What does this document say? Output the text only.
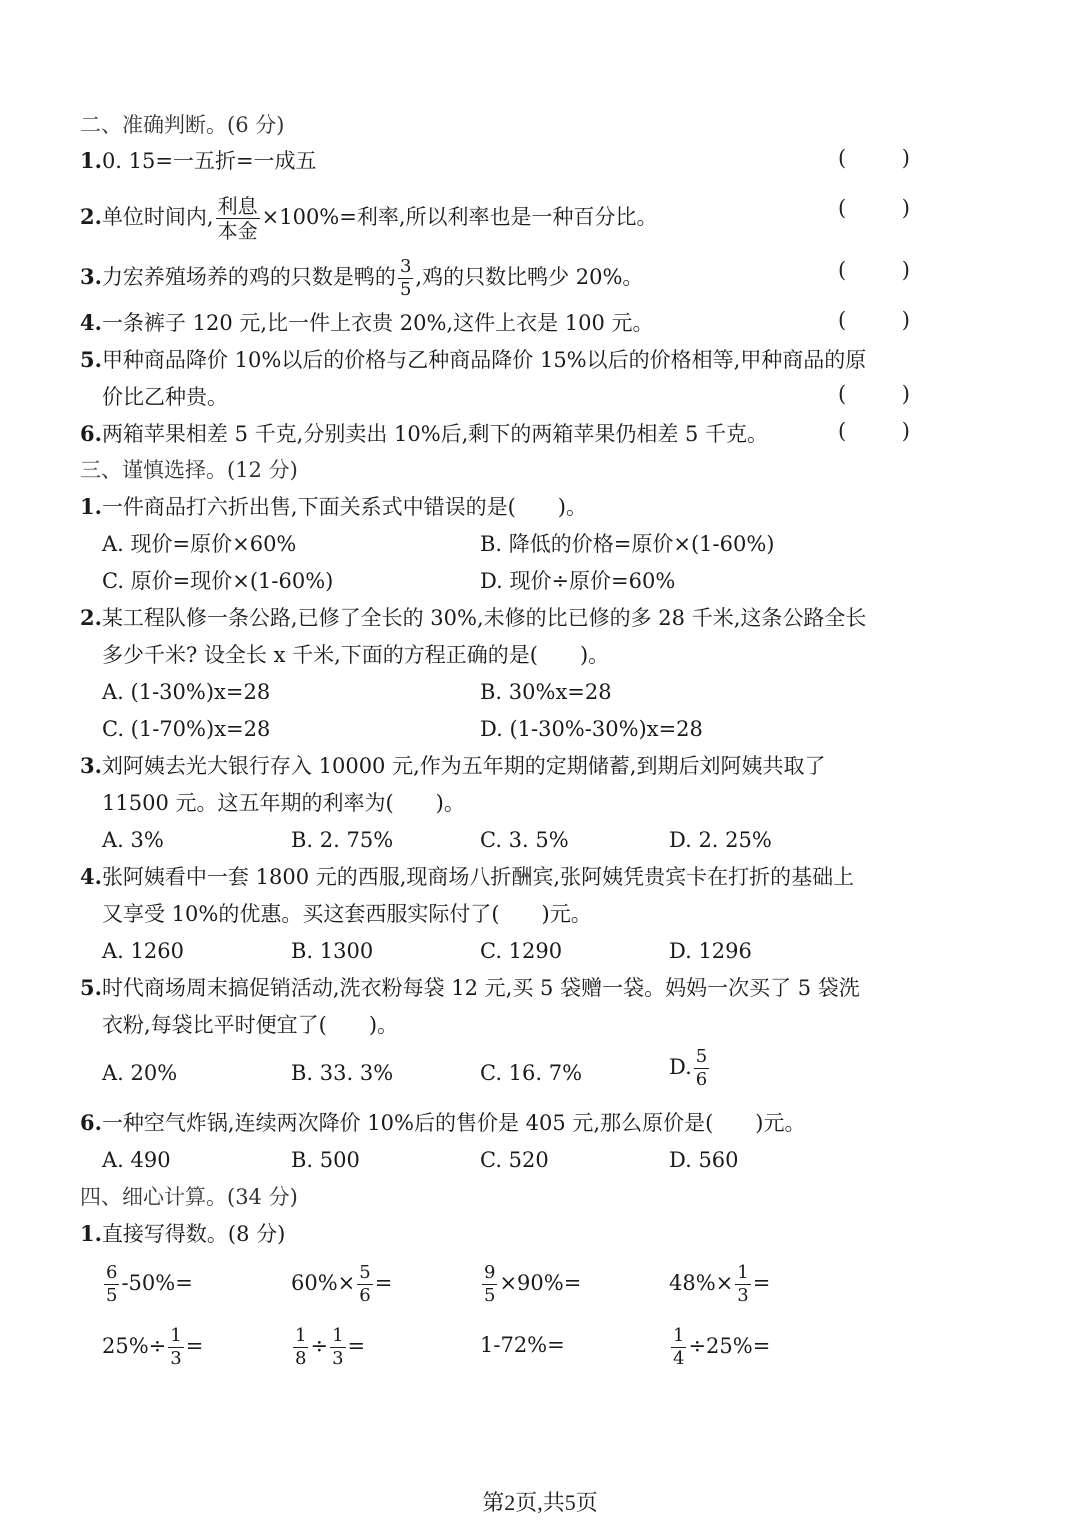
二、准确判断。(6 分)
1.0. 15=一五折=一成五	(	)
2.单位时间内, $\frac{\text{利息}}{\text{本金}} \times 100\%=$利率,所以利率也是一种百分比。	(	)
3.力宏养殖场养的鸡的只数是鸭的 $\frac{3}{5}$ ,鸡的只数比鸭少 20%。	(	)
4.一条裤子 120 元,比一件上衣贵 20%,这件上衣是 100 元。	(	)
5.甲种商品降价 10%以后的价格与乙种商品降价 15%以后的价格相等,甲种商品的原
价比乙种贵。	(	)
6.两箱苹果相差 5 千克,分别卖出 10%后,剩下的两箱苹果仍相差 5 千克。	(	)
三、谨慎选择。(12 分)
1.一件商品打六折出售,下面关系式中错误的是(　　)。
A. 现价=原价×60%	B. 降低的价格=原价×(1-60%)
C. 原价=现价×(1-60%)	D. 现价÷原价=60%
2.某工程队修一条公路,已修了全长的 30%,未修的比已修的多 28 千米,这条公路全长
多少千米? 设全长 x 千米,下面的方程正确的是(　　)。
A. (1-30%)x=28	B. 30%x=28
C. (1-70%)x=28	D. (1-30%-30%)x=28
3.刘阿姨去光大银行存入 10000 元,作为五年期的定期储蓄,到期后刘阿姨共取了
11500 元。这五年期的利率为(　　)。
A. 3%	B. 2. 75%	C. 3. 5%	D. 2. 25%
4.张阿姨看中一套 1800 元的西服,现商场八折酬宾,张阿姨凭贵宾卡在打折的基础上
又享受 10%的优惠。买这套西服实际付了(　　)元。
A. 1260	B. 1300	C. 1290	D. 1296
5.时代商场周末搞促销活动,洗衣粉每袋 12 元,买 5 袋赠一袋。妈妈一次买了 5 袋洗
衣粉,每袋比平时便宜了(　　)。
A. 20%	B. 33. 3%	C. 16. 7%	D. $\frac{5}{6}$
6.一种空气炸锅,连续两次降价 10%后的售价是 405 元,那么原价是(　　)元。
A. 490	B. 500	C. 520	D. 560
四、细心计算。(34 分)
1.直接写得数。(8 分)
$\frac{6}{5} -50\%=$	$60\%\times \frac{5}{6}$ =	$\frac{9}{5} \times 90\%=$	$48\%\times \frac{1}{3}$ =
$25\%\div \frac{1}{3}$ =	$\frac{1}{8} \div \frac{1}{3}$ =	1-72%=	$\frac{1}{4} \div 25\%=$
第2页,共5页
